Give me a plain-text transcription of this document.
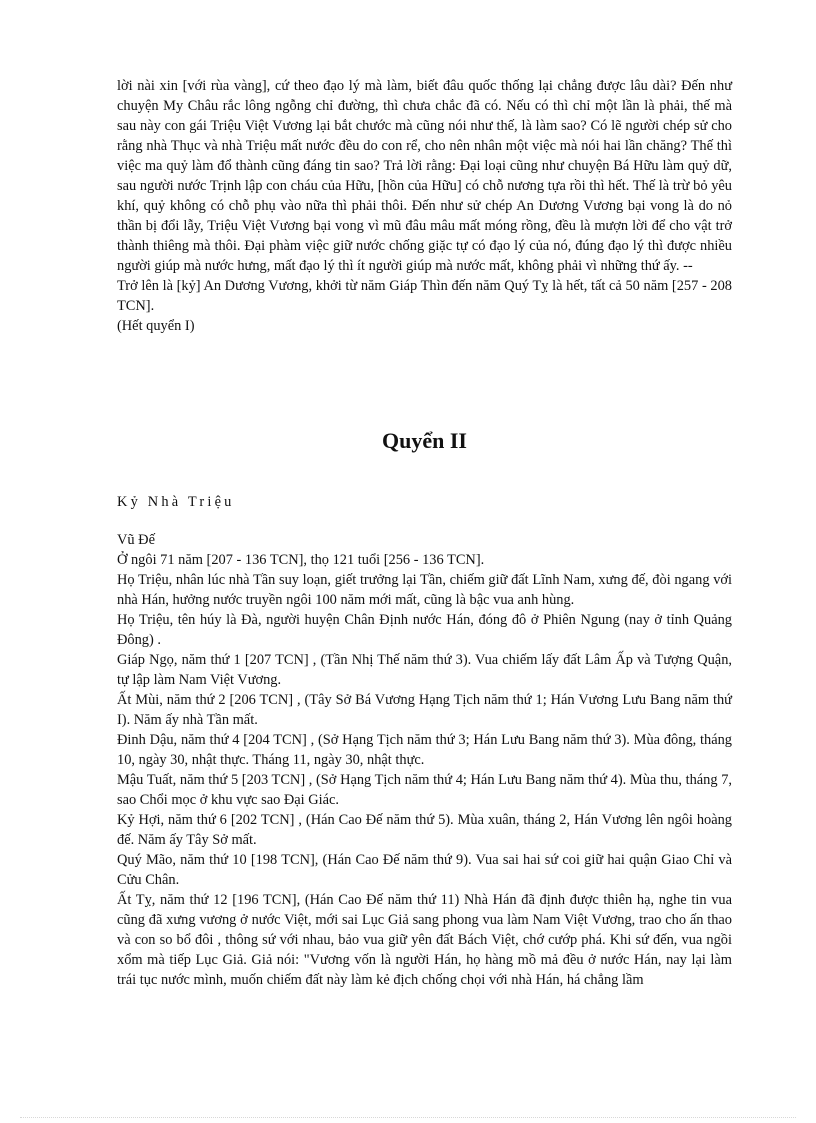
lời nài xin [với rùa vàng], cứ theo đạo lý mà làm, biết đâu quốc thống lại chẳng được lâu dài? Đến như chuyện My Châu rắc lông ngỗng chỉ đường, thì chưa chắc đã có. Nếu có thì chỉ một lần là phải, thế mà sau này con gái Triệu Việt Vương lại bắt chước mà cũng nói như thế, là làm sao? Có lẽ người chép sử cho rằng nhà Thục và nhà Triệu mất nước đều do con rể, cho nên nhân một việc mà nói hai lần chăng? Thế thì việc ma quỷ làm đổ thành cũng đáng tin sao? Trả lời rằng: Đại loại cũng như chuyện Bá Hữu làm quỷ dữ, sau người nước Trịnh lập con cháu của Hữu, [hồn của Hữu] có chỗ nương tựa rồi thì hết. Thế là trừ bỏ yêu khí, quỷ không có chỗ phụ vào nữa thì phải thôi. Đến như sử chép An Dương Vương bại vong là do nỏ thần bị đổi lẫy, Triệu Việt Vương bại vong vì mũ đâu mâu mất móng rồng, đều là mượn lời để cho vật trở thành thiêng mà thôi. Đại phàm việc giữ nước chống giặc tự có đạo lý của nó, đúng đạo lý thì được nhiều người giúp mà nước hưng, mất đạo lý thì ít người giúp mà nước mất, không phải vì những thứ ấy. --

Trở lên là [kỷ] An Dương Vương, khởi từ năm Giáp Thìn đến năm Quý Tỵ là hết, tất cả 50 năm [257 - 208 TCN].

(Hết quyển I)

Quyển II

Kỷ Nhà Triệu

Vũ Đế

Ở ngôi 71 năm [207 - 136 TCN], thọ 121 tuổi [256 - 136 TCN].

Họ Triệu, nhân lúc nhà Tần suy loạn, giết trưởng lại Tần, chiếm giữ đất Lĩnh Nam, xưng đế, đòi ngang với nhà Hán, hưởng nước truyền ngôi 100 năm mới mất, cũng là bậc vua anh hùng.

Họ Triệu, tên húy là Đà, người huyện Chân Định nước Hán, đóng đô ở Phiên Ngung (nay ở tỉnh Quảng Đông) .

Giáp Ngọ, năm thứ 1 [207 TCN] , (Tần Nhị Thế năm thứ 3). Vua chiếm lấy đất Lâm Ấp và Tượng Quận, tự lập làm Nam Việt Vương.

Ất Mùi, năm thứ 2 [206 TCN] , (Tây Sở Bá Vương Hạng Tịch năm thứ 1; Hán Vương Lưu Bang năm thứ I). Năm ấy nhà Tần mất.

Đinh Dậu, năm thứ 4 [204 TCN] , (Sở Hạng Tịch năm thứ 3; Hán Lưu Bang năm thứ 3). Mùa đông, tháng 10, ngày 30, nhật thực. Tháng 11, ngày 30, nhật thực.

Mậu Tuất, năm thứ 5 [203 TCN] , (Sở Hạng Tịch năm thứ 4; Hán Lưu Bang năm thứ 4). Mùa thu, tháng 7, sao Chổi mọc ở khu vực sao Đại Giác.

Kỷ Hợi, năm thứ 6 [202 TCN] , (Hán Cao Đế năm thứ 5). Mùa xuân, tháng 2, Hán Vương lên ngôi hoàng đế. Năm ấy Tây Sở mất.

Quý Mão, năm thứ 10 [198 TCN], (Hán Cao Đế năm thứ 9). Vua sai hai sứ coi giữ hai quận Giao Chỉ và Cửu Chân.

Ất Tỵ, năm thứ 12 [196 TCN], (Hán Cao Đế năm thứ 11) Nhà Hán đã định được thiên hạ, nghe tin vua cũng đã xưng vương ở nước Việt, mới sai Lục Giả sang phong vua làm Nam Việt Vương, trao cho ấn thao và con so bổ đôi , thông sứ với nhau, bảo vua giữ yên đất Bách Việt, chớ cướp phá. Khi sứ đến, vua ngồi xổm mà tiếp Lục Giả. Giả nói: "Vương vốn là người Hán, họ hàng mồ mả đều ở nước Hán, nay lại làm trái tục nước mình, muốn chiếm đất này làm kẻ địch chống chọi với nhà Hán, há chẳng lầm
